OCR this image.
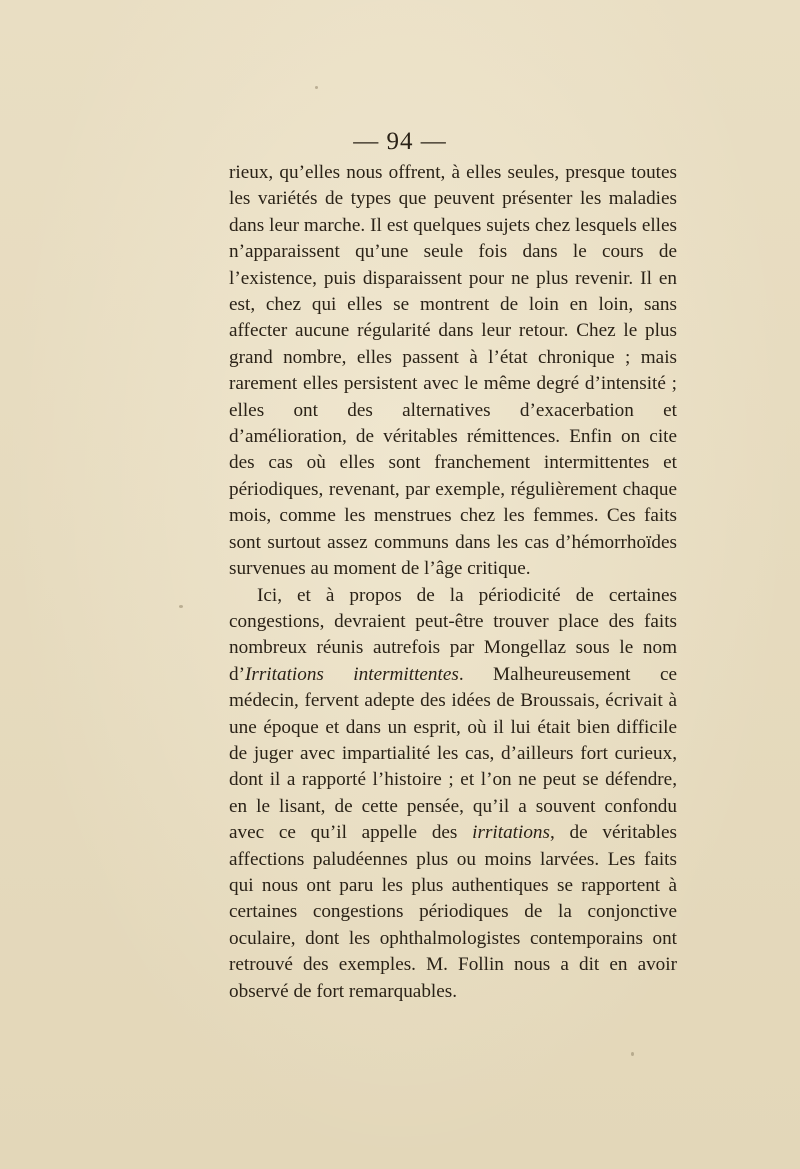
— 94 —

rieux, qu’elles nous offrent, à elles seules, presque toutes les variétés de types que peuvent présenter les maladies dans leur marche. Il est quelques sujets chez lesquels elles n’apparaissent qu’une seule fois dans le cours de l’existence, puis disparaissent pour ne plus revenir. Il en est, chez qui elles se montrent de loin en loin, sans affecter aucune régularité dans leur retour. Chez le plus grand nombre, elles passent à l’état chronique ; mais rarement elles persistent avec le même degré d’intensité ; elles ont des alternatives d’exacerbation et d’amélioration, de véritables rémittences. Enfin on cite des cas où elles sont franchement intermittentes et périodiques, revenant, par exemple, régulièrement chaque mois, comme les menstrues chez les femmes. Ces faits sont surtout assez communs dans les cas d’hémorrhoïdes survenues au moment de l’âge critique.

Ici, et à propos de la périodicité de certaines congestions, devraient peut-être trouver place des faits nombreux réunis autrefois par Mongellaz sous le nom d’Irritations intermittentes. Malheureusement ce médecin, fervent adepte des idées de Broussais, écrivait à une époque et dans un esprit, où il lui était bien difficile de juger avec impartialité les cas, d’ailleurs fort curieux, dont il a rapporté l’histoire ; et l’on ne peut se défendre, en le lisant, de cette pensée, qu’il a souvent confondu avec ce qu’il appelle des irritations, de véritables affections paludéennes plus ou moins larvées. Les faits qui nous ont paru les plus authentiques se rapportent à certaines congestions périodiques de la conjonctive oculaire, dont les ophthalmologistes contemporains ont retrouvé des exemples. M. Follin nous a dit en avoir observé de fort remarquables.
